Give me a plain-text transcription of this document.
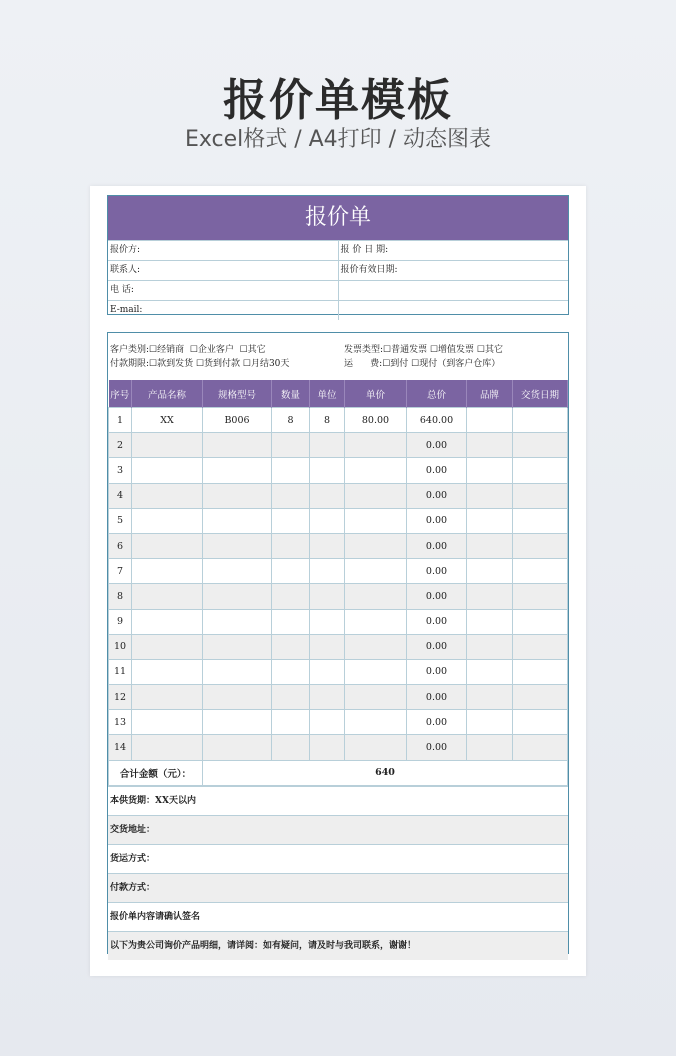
报价单模板
Excel格式 / A4打印 / 动态图表
报价单
报价方:	报 价 日 期:
联系人:	报价有效日期:
电 话:
E-mail:
客户类别:☐经销商  ☐企业客户  ☐其它	发票类型:☐普通发票 ☐增值发票 ☐其它
付款期限:☐款到发货 ☐货到付款 ☐月结30天	运      费:☐到付 ☐现付（到客户仓库）
序号	产品名称	规格型号	数量	单位	单价	总价	品牌	交货日期
1	XX	B006	8	8	80.00	640.00		
2						0.00		
3						0.00		
4						0.00		
5						0.00		
6						0.00		
7						0.00		
8						0.00		
9						0.00		
10						0.00		
11						0.00		
12						0.00		
13						0.00		
14						0.00		
合计金额（元）：		640						
本供货期：XX天以内
交货地址：
货运方式：
付款方式：
报价单内容请确认签名
以下为贵公司询价产品明细，请详阅：如有疑问，请及时与我司联系，谢谢！
